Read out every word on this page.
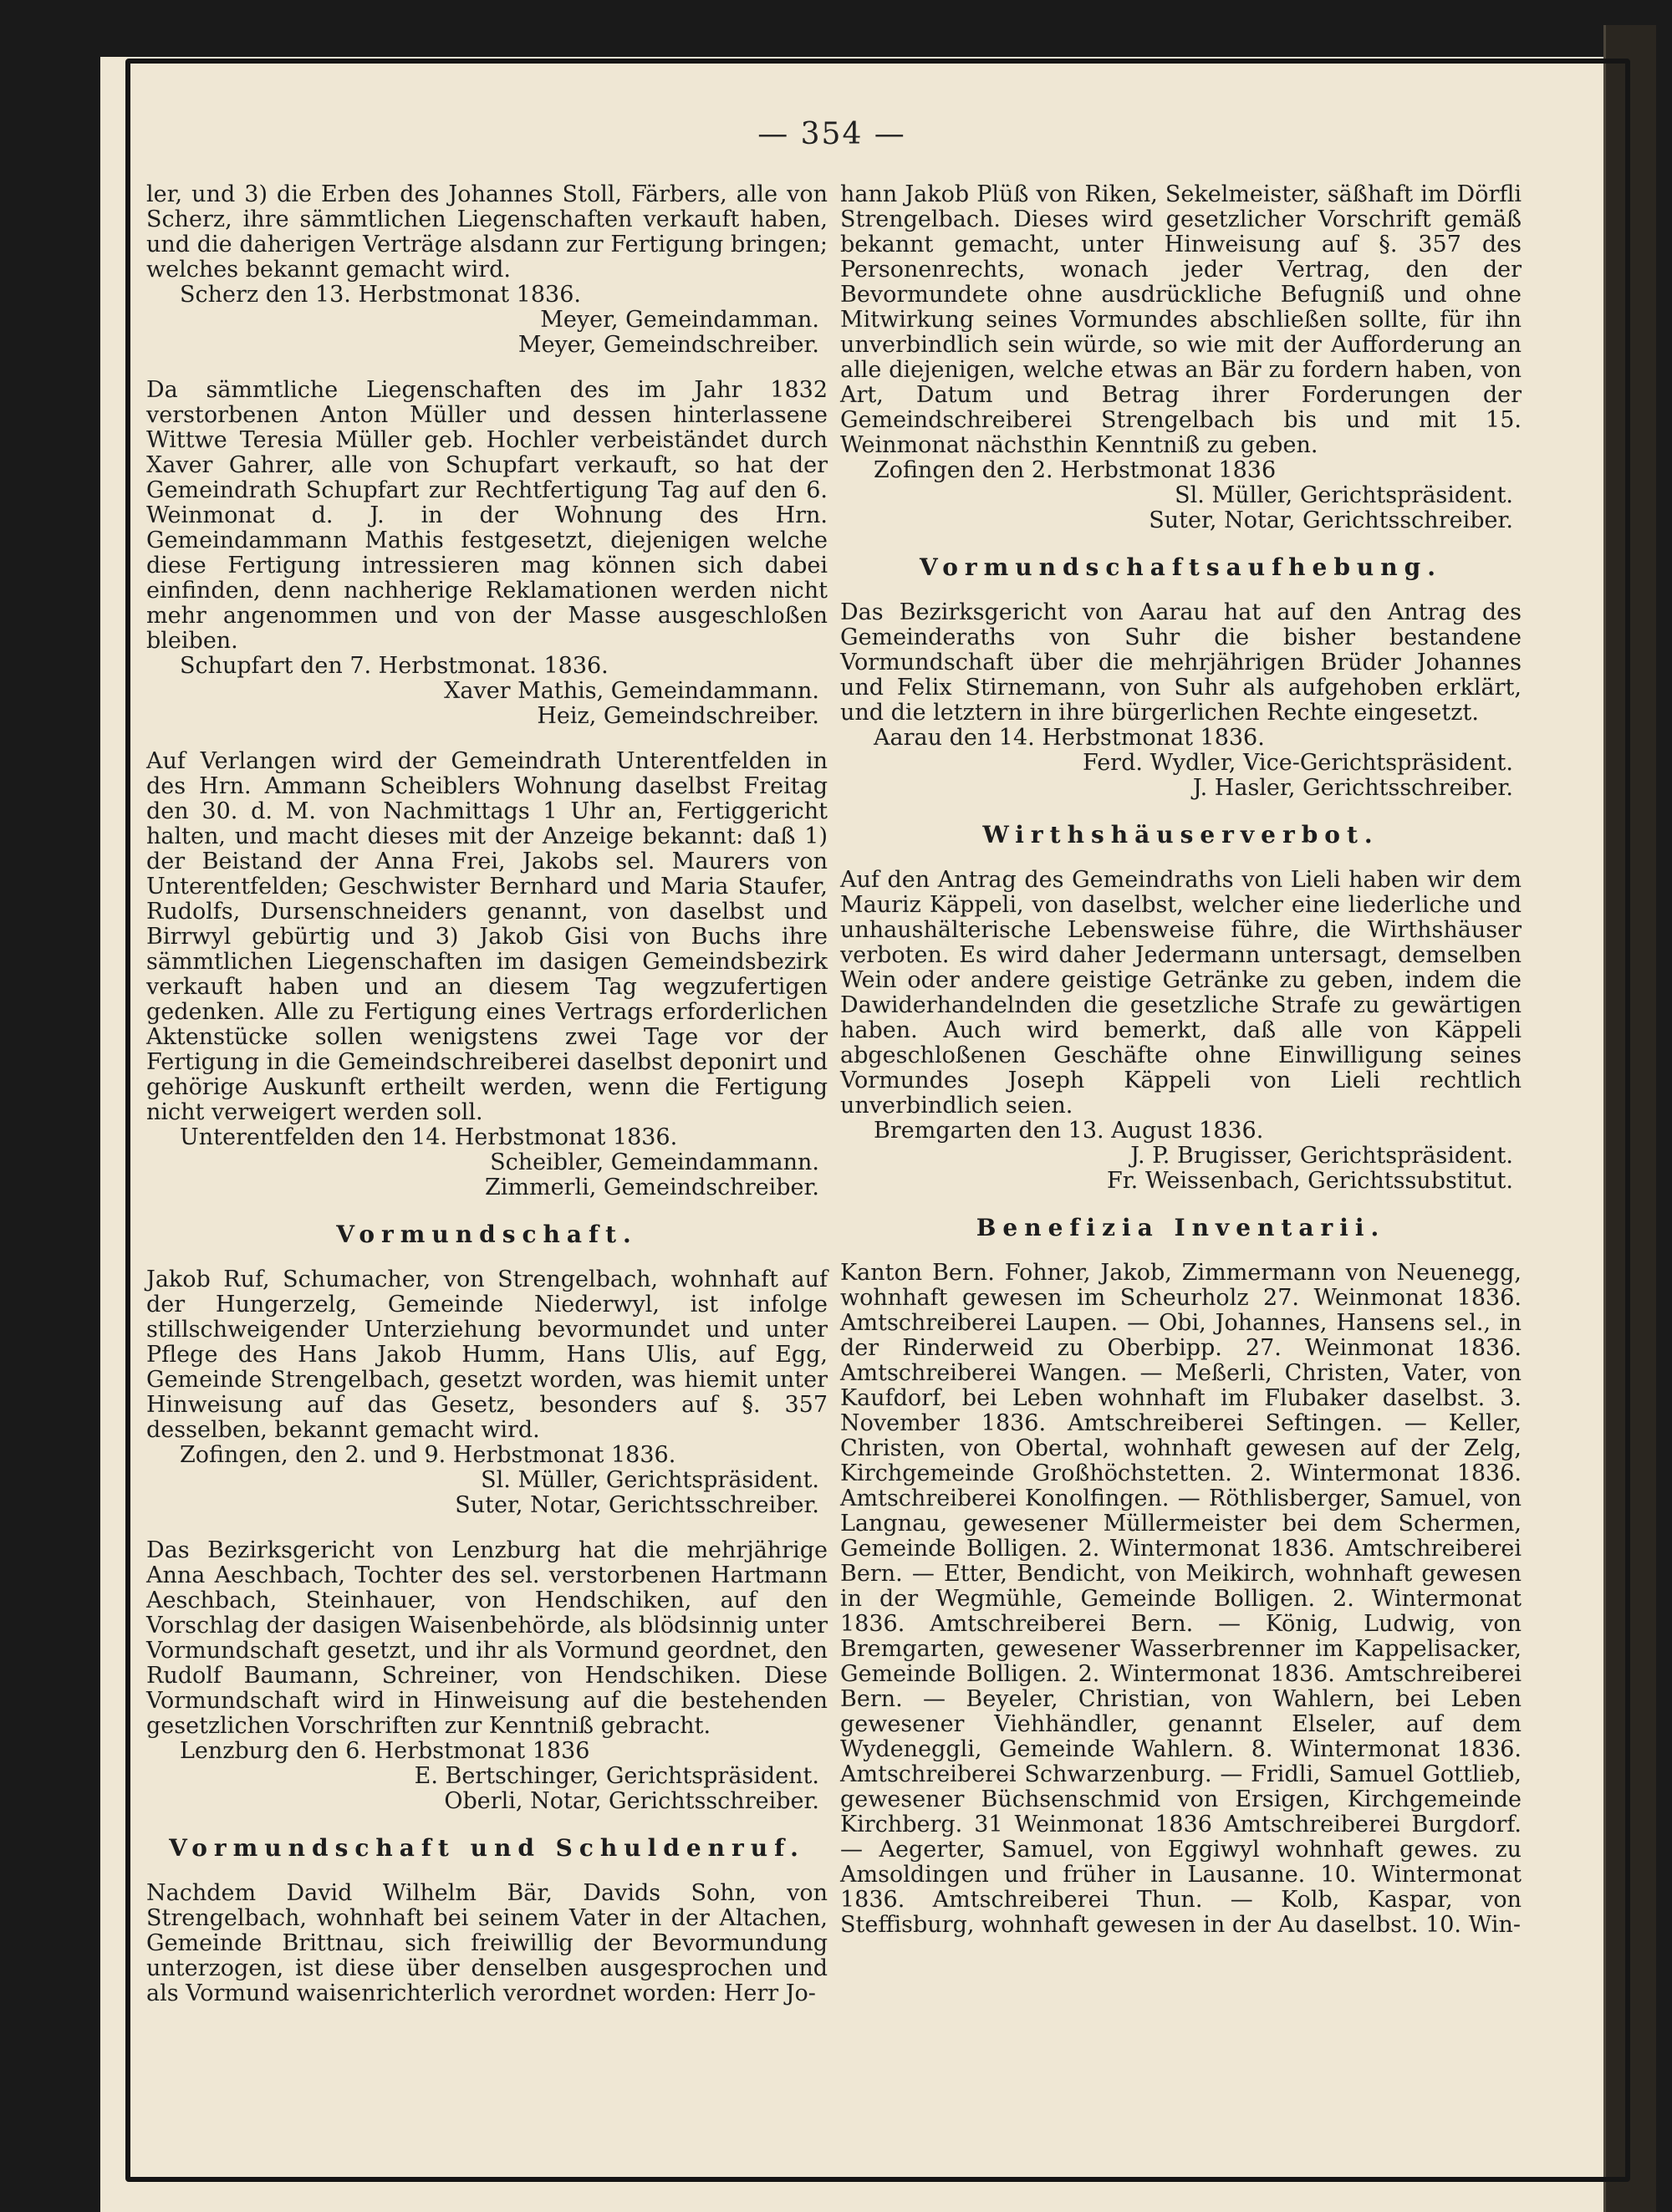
— 354 —

ler, und 3) die Erben des Johannes Stoll, Färbers, alle von Scherz, ihre sämmtlichen Liegenschaften verkauft haben, und die daherigen Verträge alsdann zur Fertigung bringen; welches bekannt gemacht wird.

Scherz den 13. Herbstmonat 1836.

Meyer, Gemeindamman.

Meyer, Gemeindschreiber.

Da sämmtliche Liegenschaften des im Jahr 1832 verstorbenen Anton Müller und dessen hinterlassene Wittwe Teresia Müller geb. Hochler verbeiständet durch Xaver Gahrer, alle von Schupfart verkauft, so hat der Gemeindrath Schupfart zur Rechtfertigung Tag auf den 6. Weinmonat d. J. in der Wohnung des Hrn. Gemeindammann Mathis festgesetzt, diejenigen welche diese Fertigung intressieren mag können sich dabei einfinden, denn nachherige Reklamationen werden nicht mehr angenommen und von der Masse ausgeschloßen bleiben.

Schupfart den 7. Herbstmonat. 1836.

Xaver Mathis, Gemeindammann.

Heiz, Gemeindschreiber.

Auf Verlangen wird der Gemeindrath Unterentfelden in des Hrn. Ammann Scheiblers Wohnung daselbst Freitag den 30. d. M. von Nachmittags 1 Uhr an, Fertiggericht halten, und macht dieses mit der Anzeige bekannt: daß 1) der Beistand der Anna Frei, Jakobs sel. Maurers von Unterentfelden; Geschwister Bernhard und Maria Staufer, Rudolfs, Dursenschneiders genannt, von daselbst und Birrwyl gebürtig und 3) Jakob Gisi von Buchs ihre sämmtlichen Liegenschaften im dasigen Gemeindsbezirk verkauft haben und an diesem Tag wegzufertigen gedenken. Alle zu Fertigung eines Vertrags erforderlichen Aktenstücke sollen wenigstens zwei Tage vor der Fertigung in die Gemeindschreiberei daselbst deponirt und gehörige Auskunft ertheilt werden, wenn die Fertigung nicht verweigert werden soll.

Unterentfelden den 14. Herbstmonat 1836.

Scheibler, Gemeindammann.

Zimmerli, Gemeindschreiber.

Vormundschaft.

Jakob Ruf, Schumacher, von Strengelbach, wohnhaft auf der Hungerzelg, Gemeinde Niederwyl, ist infolge stillschweigender Unterziehung bevormundet und unter Pflege des Hans Jakob Humm, Hans Ulis, auf Egg, Gemeinde Strengelbach, gesetzt worden, was hiemit unter Hinweisung auf das Gesetz, besonders auf §. 357 desselben, bekannt gemacht wird.

Zofingen, den 2. und 9. Herbstmonat 1836.

Sl. Müller, Gerichtspräsident.

Suter, Notar, Gerichtsschreiber.

Das Bezirksgericht von Lenzburg hat die mehrjährige Anna Aeschbach, Tochter des sel. verstorbenen Hartmann Aeschbach, Steinhauer, von Hendschiken, auf den Vorschlag der dasigen Waisenbehörde, als blödsinnig unter Vormundschaft gesetzt, und ihr als Vormund geordnet, den Rudolf Baumann, Schreiner, von Hendschiken. Diese Vormundschaft wird in Hinweisung auf die bestehenden gesetzlichen Vorschriften zur Kenntniß gebracht.

Lenzburg den 6. Herbstmonat 1836

E. Bertschinger, Gerichtspräsident.

Oberli, Notar, Gerichtsschreiber.

Vormundschaft und Schuldenruf.

Nachdem David Wilhelm Bär, Davids Sohn, von Strengelbach, wohnhaft bei seinem Vater in der Altachen, Gemeinde Brittnau, sich freiwillig der Bevormundung unterzogen, ist diese über denselben ausgesprochen und als Vormund waisenrichterlich verordnet worden: Herr Jo-

hann Jakob Plüß von Riken, Sekelmeister, säßhaft im Dörfli Strengelbach. Dieses wird gesetzlicher Vorschrift gemäß bekannt gemacht, unter Hinweisung auf §. 357 des Personenrechts, wonach jeder Vertrag, den der Bevormundete ohne ausdrückliche Befugniß und ohne Mitwirkung seines Vormundes abschließen sollte, für ihn unverbindlich sein würde, so wie mit der Aufforderung an alle diejenigen, welche etwas an Bär zu fordern haben, von Art, Datum und Betrag ihrer Forderungen der Gemeindschreiberei Strengelbach bis und mit 15. Weinmonat nächsthin Kenntniß zu geben.

Zofingen den 2. Herbstmonat 1836

Sl. Müller, Gerichtspräsident.

Suter, Notar, Gerichtsschreiber.

Vormundschaftsaufhebung.

Das Bezirksgericht von Aarau hat auf den Antrag des Gemeinderaths von Suhr die bisher bestandene Vormundschaft über die mehrjährigen Brüder Johannes und Felix Stirnemann, von Suhr als aufgehoben erklärt, und die letztern in ihre bürgerlichen Rechte eingesetzt.

Aarau den 14. Herbstmonat 1836.

Ferd. Wydler, Vice-Gerichtspräsident.

J. Hasler, Gerichtsschreiber.

Wirthshäuserverbot.

Auf den Antrag des Gemeindraths von Lieli haben wir dem Mauriz Käppeli, von daselbst, welcher eine liederliche und unhaushälterische Lebensweise führe, die Wirthshäuser verboten. Es wird daher Jedermann untersagt, demselben Wein oder andere geistige Getränke zu geben, indem die Dawiderhandelnden die gesetzliche Strafe zu gewärtigen haben. Auch wird bemerkt, daß alle von Käppeli abgeschloßenen Geschäfte ohne Einwilligung seines Vormundes Joseph Käppeli von Lieli rechtlich unverbindlich seien.

Bremgarten den 13. August 1836.

J. P. Brugisser, Gerichtspräsident.

Fr. Weissenbach, Gerichtssubstitut.

Benefizia Inventarii.

Kanton Bern. Fohner, Jakob, Zimmermann von Neuenegg, wohnhaft gewesen im Scheurholz 27. Weinmonat 1836. Amtschreiberei Laupen. — Obi, Johannes, Hansens sel., in der Rinderweid zu Oberbipp. 27. Weinmonat 1836. Amtschreiberei Wangen. — Meßerli, Christen, Vater, von Kaufdorf, bei Leben wohnhaft im Flubaker daselbst. 3. November 1836. Amtschreiberei Seftingen. — Keller, Christen, von Obertal, wohnhaft gewesen auf der Zelg, Kirchgemeinde Großhöchstetten. 2. Wintermonat 1836. Amtschreiberei Konolfingen. — Röthlisberger, Samuel, von Langnau, gewesener Müllermeister bei dem Schermen, Gemeinde Bolligen. 2. Wintermonat 1836. Amtschreiberei Bern. — Etter, Bendicht, von Meikirch, wohnhaft gewesen in der Wegmühle, Gemeinde Bolligen. 2. Wintermonat 1836. Amtschreiberei Bern. — König, Ludwig, von Bremgarten, gewesener Wasserbrenner im Kappelisacker, Gemeinde Bolligen. 2. Wintermonat 1836. Amtschreiberei Bern. — Beyeler, Christian, von Wahlern, bei Leben gewesener Viehhändler, genannt Elseler, auf dem Wydeneggli, Gemeinde Wahlern. 8. Wintermonat 1836. Amtschreiberei Schwarzenburg. — Fridli, Samuel Gottlieb, gewesener Büchsenschmid von Ersigen, Kirchgemeinde Kirchberg. 31 Weinmonat 1836 Amtschreiberei Burgdorf. — Aegerter, Samuel, von Eggiwyl wohnhaft gewes. zu Amsoldingen und früher in Lausanne. 10. Wintermonat 1836. Amtschreiberei Thun. — Kolb, Kaspar, von Steffisburg, wohnhaft gewesen in der Au daselbst. 10. Win-
